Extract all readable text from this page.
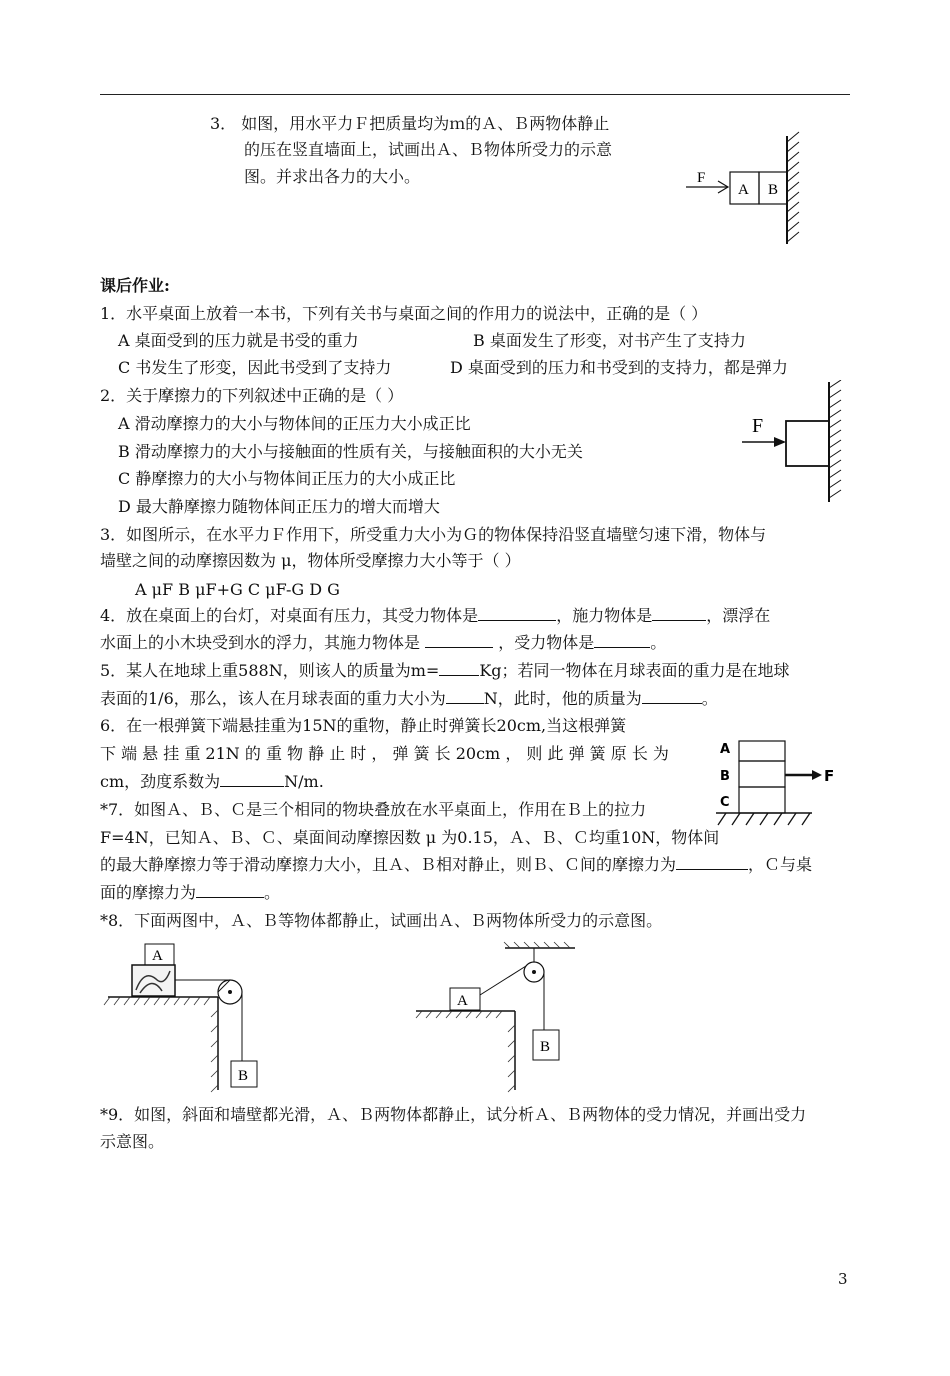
3． 如图，用水平力Ｆ把质量均为ｍ的Ａ、Ｂ两物体静止
的压在竖直墙面上，试画出Ａ、Ｂ物体所受力的示意
图。并求出各力的大小。
A B
F
课后作业:
1．水平桌面上放着一本书，下列有关书与桌面之间的作用力的说法中，正确的是（ ）
A 桌面受到的压力就是书受的重力	B 桌面发生了形变，对书产生了支持力
C 书发生了形变，因此书受到了支持力	D 桌面受到的压力和书受到的支持力，都是弹力
2．关于摩擦力的下列叙述中正确的是（ ）
A 滑动摩擦力的大小与物体间的正压力大小成正比
B 滑动摩擦力的大小与接触面的性质有关，与接触面积的大小无关
C 静摩擦力的大小与物体间正压力的大小成正比
D 最大静摩擦力随物体间正压力的增大而增大
F
3．如图所示，在水平力Ｆ作用下，所受重力大小为Ｇ的物体保持沿竖直墙壁匀速下滑，物体与
墙壁之间的动摩擦因数为 μ，物体所受摩擦力大小等于（ ）
A μF B μF+G C μF-G D G
4．放在桌面上的台灯，对桌面有压力，其受力物体是	，施力物体是	，漂浮在
水面上的小木块受到水的浮力，其施力物体是	，受力物体是	。
5．某人在地球上重588N，则该人的质量为m=	Kg；若同一物体在月球表面的重力是在地球
表面的1/6，那么，该人在月球表面的重力大小为 N，此时，他的质量为	。
6．在一根弹簧下端悬挂重为15N的重物，静止时弹簧长20cm,当这根弹簧
下 端 悬 挂 重 21N 的 重 物 静 止 时 ， 弹 簧 长 20cm ， 则 此 弹 簧 原 长 为
cm，劲度系数为	N/m.
*7．如图Ａ、Ｂ、Ｃ是三个相同的物块叠放在水平桌面上，作用在Ｂ上的拉力
F=4N，已知Ａ、Ｂ、Ｃ、桌面间动摩擦因数 μ 为0.15，Ａ、Ｂ、Ｃ均重10N，物体间
的最大静摩擦力等于滑动摩擦力大小，且Ａ、Ｂ相对静止，则Ｂ、Ｃ间的摩擦力为	，Ｃ与桌
面的摩擦力为	。
A
B
C
F
*8．下面两图中，Ａ、Ｂ等物体都静止，试画出Ａ、Ｂ两物体所受力的示意图。
A
B
B
A
*9．如图，斜面和墙壁都光滑，Ａ、Ｂ两物体都静止，试分析Ａ、Ｂ两物体的受力情况，并画出受力
示意图。
3
